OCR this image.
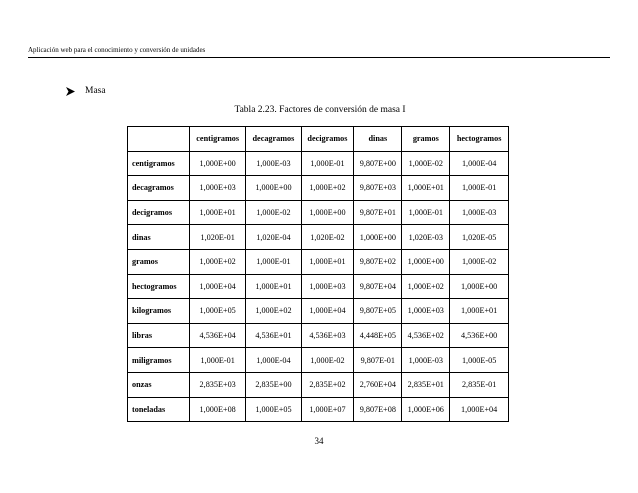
Aplicación web para el conocimiento y conversión de unidades
Masa
Tabla 2.23. Factores de conversión de masa I
	centigramos	decagramos	decigramos	dinas	gramos	hectogramos
centigramos	1,000E+00	1,000E-03	1,000E-01	9,807E+00	1,000E-02	1,000E-04
decagramos	1,000E+03	1,000E+00	1,000E+02	9,807E+03	1,000E+01	1,000E-01
decigramos	1,000E+01	1,000E-02	1,000E+00	9,807E+01	1,000E-01	1,000E-03
dinas	1,020E-01	1,020E-04	1,020E-02	1,000E+00	1,020E-03	1,020E-05
gramos	1,000E+02	1,000E-01	1,000E+01	9,807E+02	1,000E+00	1,000E-02
hectogramos	1,000E+04	1,000E+01	1,000E+03	9,807E+04	1,000E+02	1,000E+00
kilogramos	1,000E+05	1,000E+02	1,000E+04	9,807E+05	1,000E+03	1,000E+01
libras	4,536E+04	4,536E+01	4,536E+03	4,448E+05	4,536E+02	4,536E+00
miligramos	1,000E-01	1,000E-04	1,000E-02	9,807E-01	1,000E-03	1,000E-05
onzas	2,835E+03	2,835E+00	2,835E+02	2,760E+04	2,835E+01	2,835E-01
toneladas	1,000E+08	1,000E+05	1,000E+07	9,807E+08	1,000E+06	1,000E+04
34
